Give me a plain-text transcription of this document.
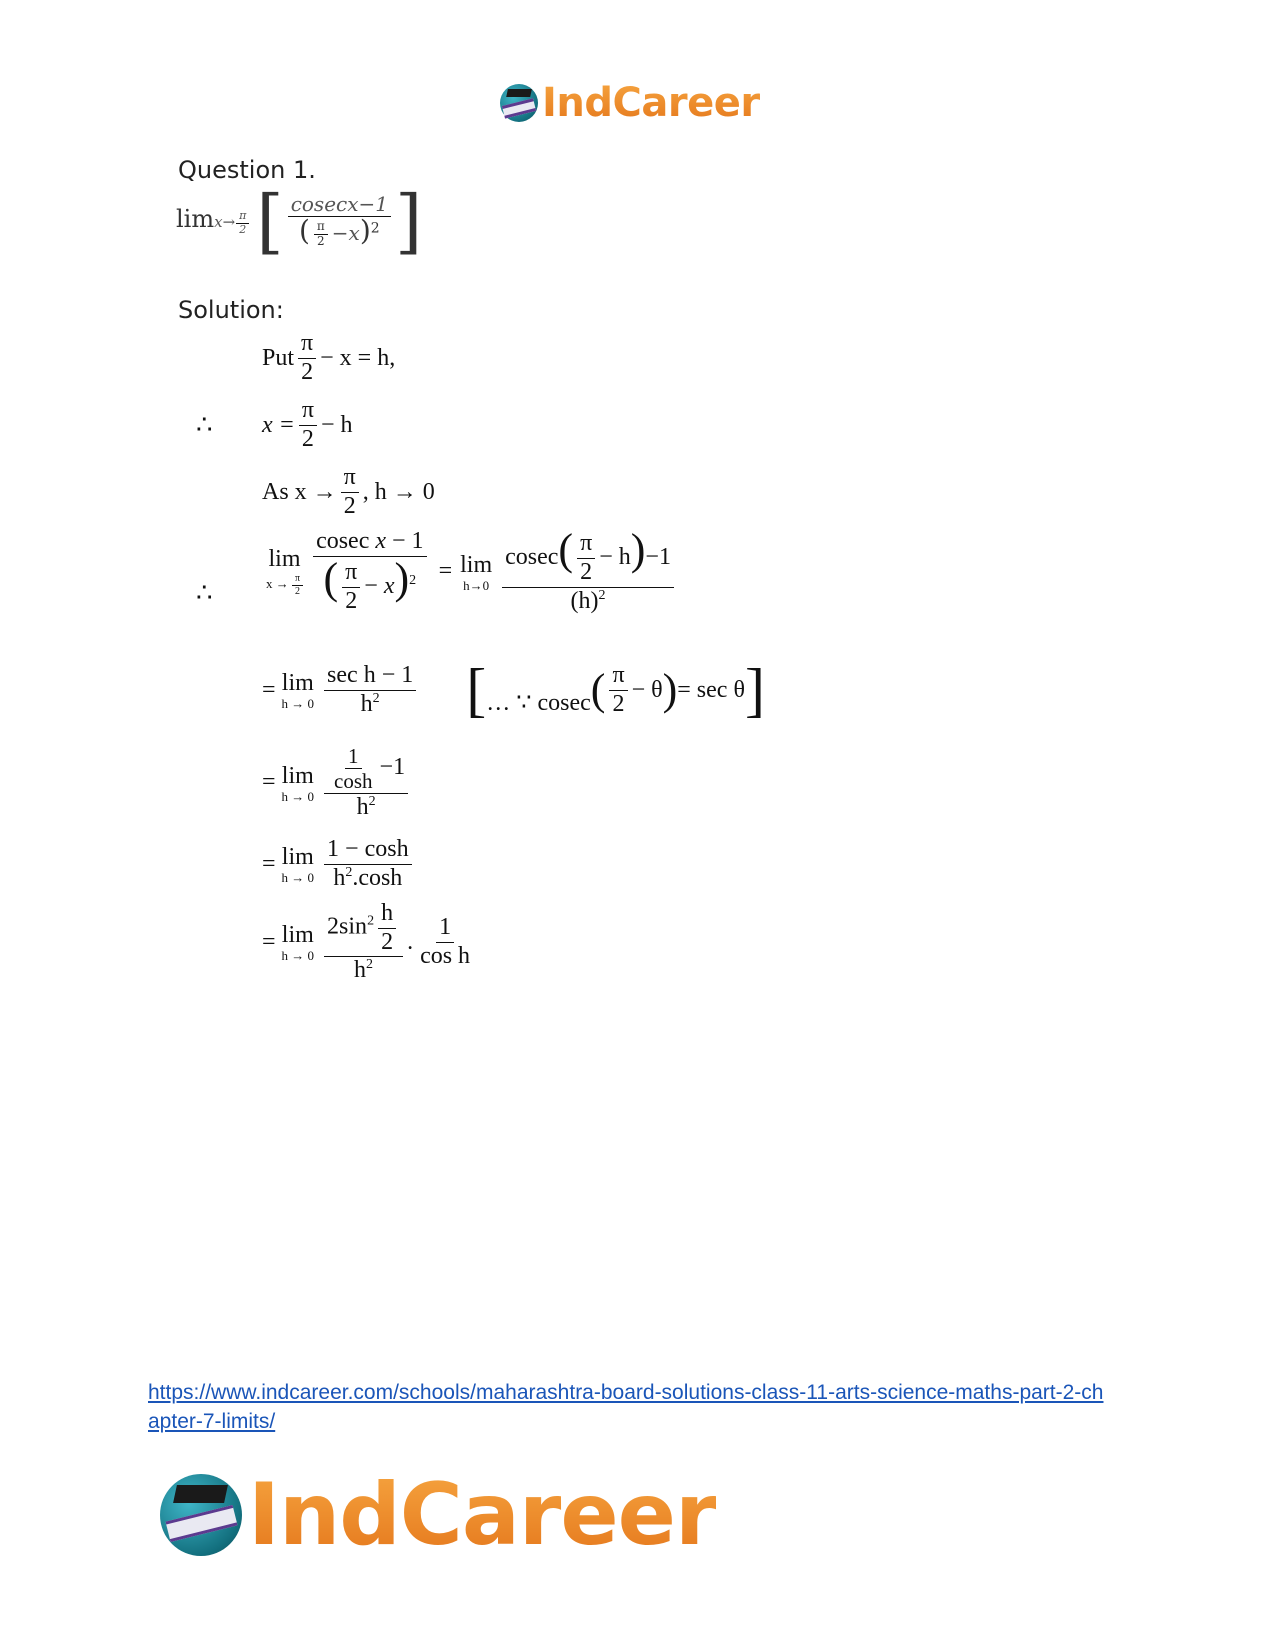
IndCareer
Question 1.
$\lim x\to \frac{\pi}{2}$ [ $\frac{cosecx-1}{( \frac{\pi}{2} -x)^2}$ ]
Solution:
Put $\frac{\pi}{2} - x = h$,
∴ $x = \frac{\pi}{2} - h$
As $x \to \frac{\pi}{2}$ , h → 0
∴
lim
$x \to \frac{\pi}{2} \frac{\text{cosec x − 1}}{( \frac{\pi}{2} - x)^2} = \lim$
$h\to 0 \frac{cosec( \frac{\pi}{2} - h)-1}{(h)^2}$
= lim
$h \to 0 \frac{\text{sec h − 1}}{h^2}$ [… ∵ cosec ( $\frac{\pi}{2} - \theta$ ) = sec θ ]
= lim
$h \to 0 \frac{\frac{1}{\cosh} -1}{h^2}$
= lim
$h \to 0 \frac{1 - \cosh}{h^2.\cosh}$
= lim
$h \to 0 \frac{2\sin^2 \frac{h}{2}}{h^2}$ . $\frac{1}{\text{cos h}}$
https://www.indcareer.com/schools/maharashtra-board-solutions-class-11-arts-science-maths-part-2-chapter-7-limits/
IndCareer
